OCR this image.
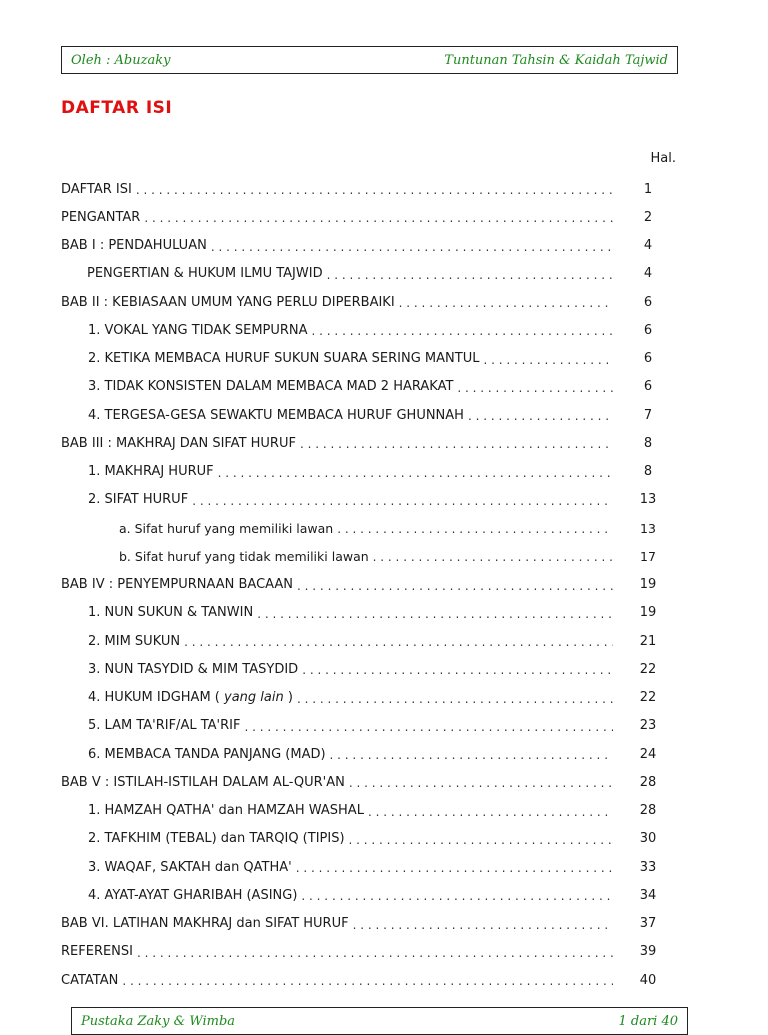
Oleh : Abuzaky	Tuntunan Tahsin & Kaidah Tajwid
DAFTAR ISI
Hal.
DAFTAR ISI . . .	1
PENGANTAR . . .	2
BAB I : PENDAHULUAN . . .	4
PENGERTIAN & HUKUM ILMU TAJWID . . .	4
BAB II : KEBIASAAN UMUM YANG PERLU DIPERBAIKI . . .	6
1. VOKAL YANG TIDAK SEMPURNA . . .	6
2. KETIKA MEMBACA HURUF SUKUN SUARA SERING MANTUL . . .	6
3. TIDAK KONSISTEN DALAM MEMBACA MAD 2 HARAKAT . . .	6
4. TERGESA-GESA SEWAKTU MEMBACA HURUF GHUNNAH . . .	7
BAB III : MAKHRAJ DAN SIFAT HURUF . . .	8
1. MAKHRAJ HURUF . . .	8
2. SIFAT HURUF . . .	13
a. Sifat huruf yang memiliki lawan . . .	13
b. Sifat huruf yang tidak memiliki lawan . . .	17
BAB IV : PENYEMPURNAAN BACAAN . . .	19
1. NUN SUKUN & TANWIN . . .	19
2. MIM SUKUN . . .	21
3. NUN TASYDID & MIM TASYDID . . .	22
4. HUKUM IDGHAM ( yang lain ) . . .	22
5. LAM TA'RIF/AL TA'RIF . . .	23
6. MEMBACA TANDA PANJANG (MAD) . . .	24
BAB V : ISTILAH-ISTILAH DALAM AL-QUR'AN . . .	28
1. HAMZAH QATHA' dan HAMZAH WASHAL . . .	28
2. TAFKHIM (TEBAL) dan TARQIQ (TIPIS) . . .	30
3. WAQAF, SAKTAH dan QATHA' . . .	33
4. AYAT-AYAT GHARIBAH (ASING) . . .	34
BAB VI. LATIHAN MAKHRAJ dan SIFAT HURUF . . .	37
REFERENSI . . .	39
CATATAN . . .	40
Pustaka Zaky & Wimba	1 dari 40
